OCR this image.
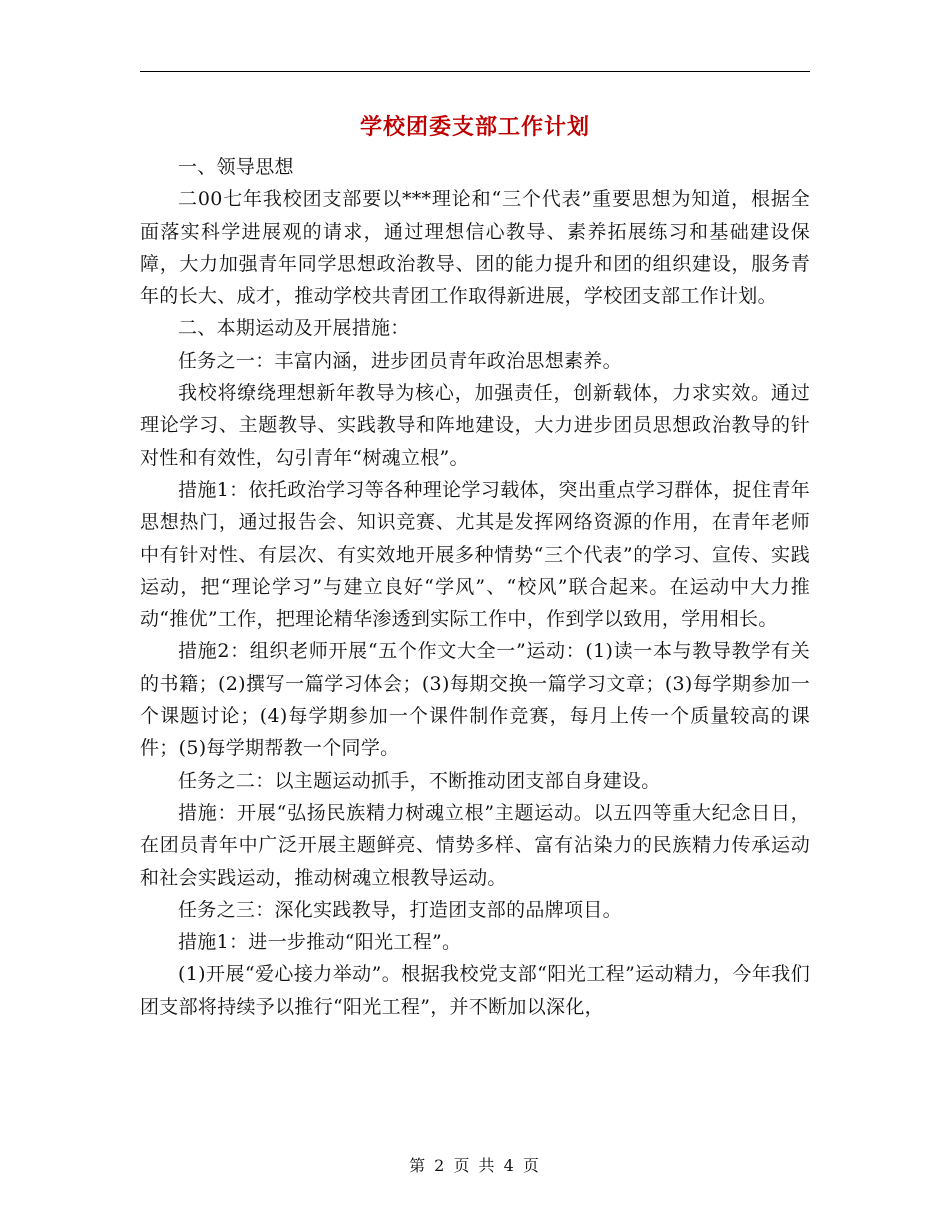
学校团委支部工作计划

一、领导思想

二00七年我校团支部要以***理论和“三个代表”重要思想为知道，根据全面落实科学进展观的请求，通过理想信心教导、素养拓展练习和基础建设保障，大力加强青年同学思想政治教导、团的能力提升和团的组织建设，服务青年的长大、成才，推动学校共青团工作取得新进展，学校团支部工作计划。

二、本期运动及开展措施：

任务之一：丰富内涵，进步团员青年政治思想素养。

我校将缭绕理想新年教导为核心，加强责任，创新载体，力求实效。通过理论学习、主题教导、实践教导和阵地建设，大力进步团员思想政治教导的针对性和有效性，勾引青年“树魂立根”。

措施1：依托政治学习等各种理论学习载体，突出重点学习群体，捉住青年思想热门，通过报告会、知识竞赛、尤其是发挥网络资源的作用，在青年老师中有针对性、有层次、有实效地开展多种情势“三个代表”的学习、宣传、实践运动，把“理论学习”与建立良好“学风”、“校风”联合起来。在运动中大力推动“推优”工作，把理论精华渗透到实际工作中，作到学以致用，学用相长。

措施2：组织老师开展“五个作文大全一”运动：(1)读一本与教导教学有关的书籍；(2)撰写一篇学习体会；(3)每期交换一篇学习文章；(3)每学期参加一个课题讨论；(4)每学期参加一个课件制作竞赛，每月上传一个质量较高的课件；(5)每学期帮教一个同学。

任务之二：以主题运动抓手，不断推动团支部自身建设。

措施：开展“弘扬民族精力树魂立根”主题运动。以五四等重大纪念日日，在团员青年中广泛开展主题鲜亮、情势多样、富有沾染力的民族精力传承运动和社会实践运动，推动树魂立根教导运动。

任务之三：深化实践教导，打造团支部的品牌项目。

措施1：进一步推动“阳光工程”。

(1)开展“爱心接力举动”。根据我校党支部“阳光工程”运动精力，今年我们团支部将持续予以推行“阳光工程”，并不断加以深化，

第 2 页 共 4 页
